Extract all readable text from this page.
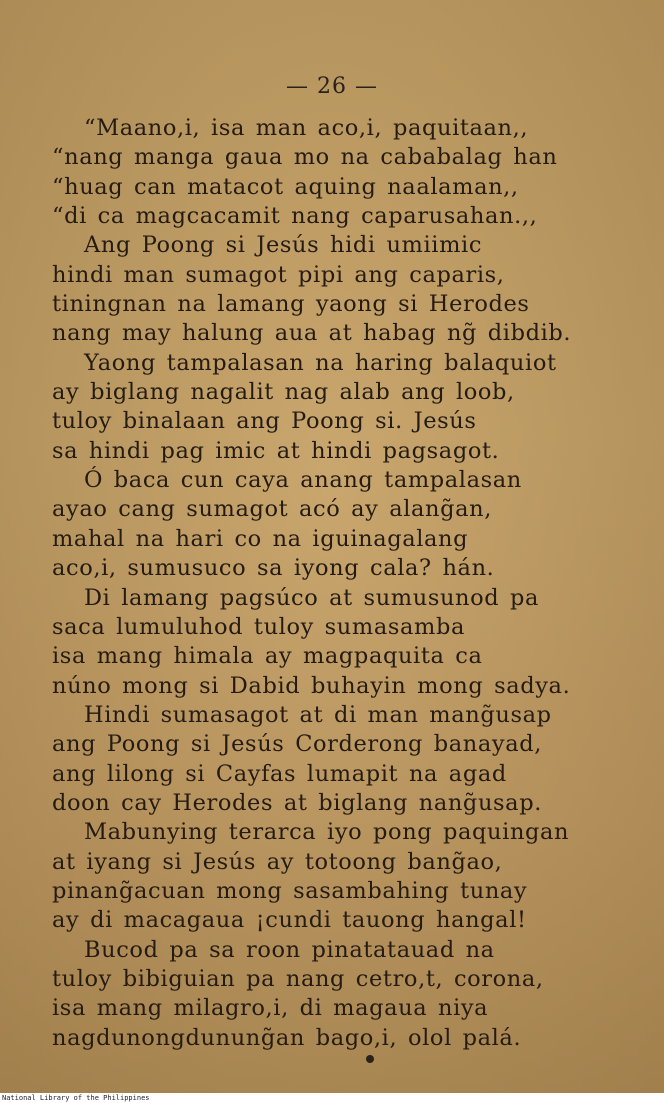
— 26 —
“Maano,i, isa man aco,i, paquitaan,,
“nang manga gaua mo na cababalag han
“huag can matacot aquing naalaman,,
“di ca magcacamit nang caparusahan.,,
Ang Poong si Jesús hidi umiimic
hindi man sumagot pipi ang caparis,
tiningnan na lamang yaong si Herodes
nang may halung aua at habag ng̃ dibdib.
Yaong tampalasan na haring balaquiot
ay biglang nagalit nag alab ang loob,
tuloy binalaan ang Poong si. Jesús
sa hindi pag imic at hindi pagsagot.
Ó baca cun caya anang tampalasan
ayao cang sumagot acó ay alang̃an,
mahal na hari co na iguinagalang
aco,i, sumusuco sa iyong cala? hán.
Di lamang pagsúco at sumusunod pa
saca lumuluhod tuloy sumasamba
isa mang himala ay magpaquita ca
núno mong si Dabid buhayin mong sadya.
Hindi sumasagot at di man mang̃usap
ang Poong si Jesús Corderong banayad,
ang lilong si Cayfas lumapit na agad
doon cay Herodes at biglang nang̃usap.
Mabunying terarca iyo pong paquingan
at iyang si Jesús ay totoong bang̃ao,
pinang̃acuan mong sasambahing tunay
ay di macagaua ¡cundi tauong hangal!
Bucod pa sa roon pinatatauad na
tuloy bibiguian pa nang cetro,t, corona,
isa mang milagro,i, di magaua niya
nagdunongdunung̃an bago,i, olol palá.
National Library of the Philippines
